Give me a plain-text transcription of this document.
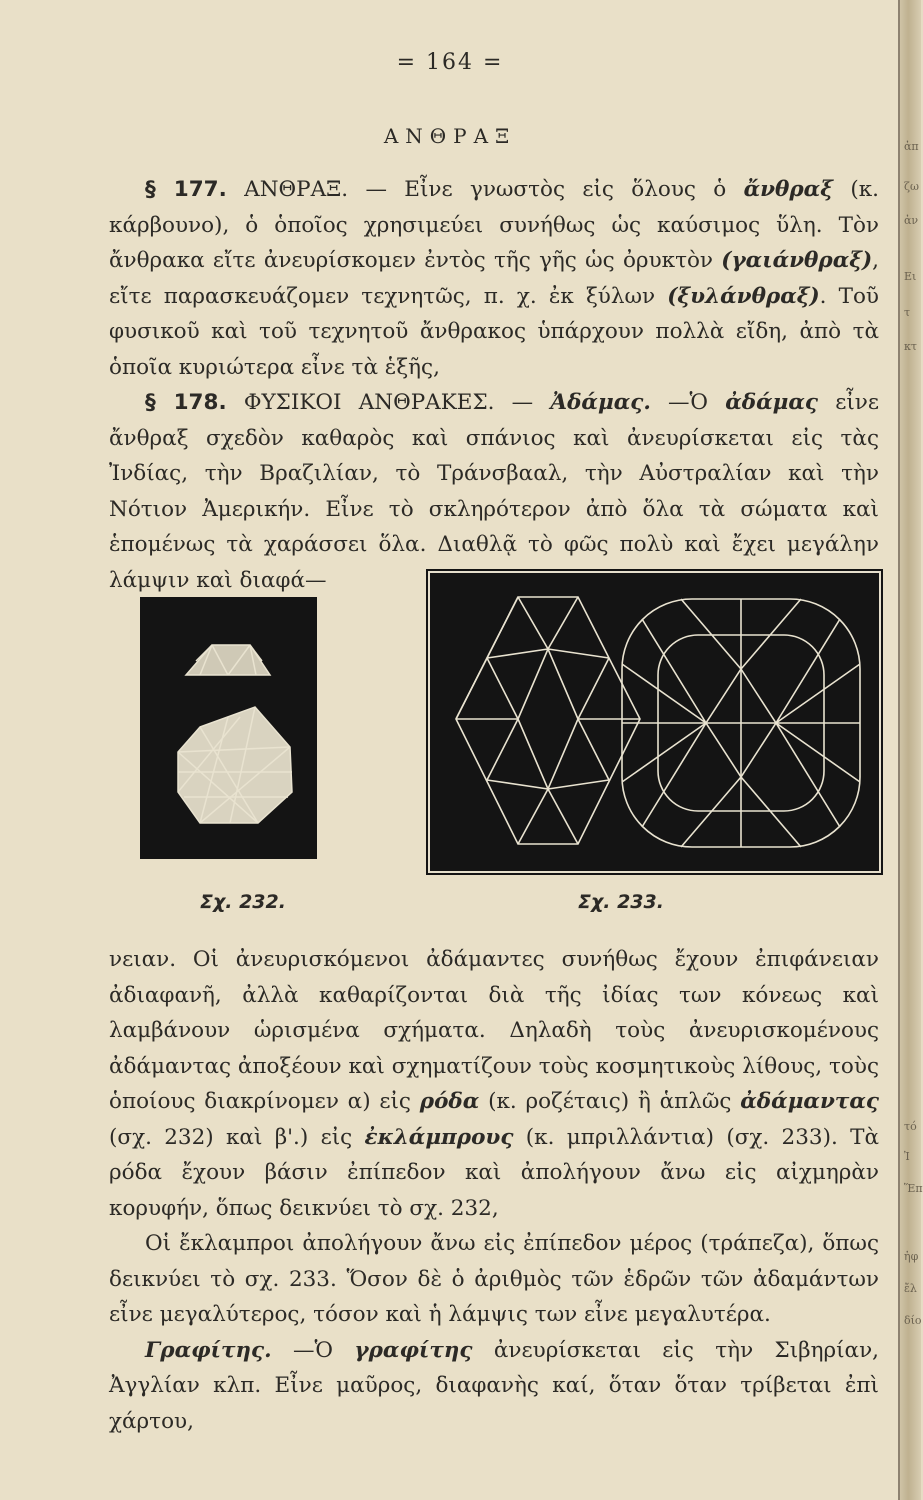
= 164 =
ΑΝΘΡΑΞ

§ 177. ΑΝΘΡΑΞ. — Εἶνε γνωστὸς εἰς ὅλους ὁ ἄνθραξ (κ. κάρβουνο), ὁ ὁποῖος χρησιμεύει συνήθως ὡς καύσιμος ὕλη. Τὸν ἄνθρακα εἴτε ἀνευρίσκομεν ἐντὸς τῆς γῆς ὡς ὀρυκτὸν (γαιάνθραξ), εἴτε παρασκευάζομεν τεχνητῶς, π. χ. ἐκ ξύλων (ξυλάνθραξ). Τοῦ φυσικοῦ καὶ τοῦ τεχνητοῦ ἄνθρακος ὑπάρχουν πολλὰ εἴδη, ἀπὸ τὰ ὁποῖα κυριώτερα εἶνε τὰ ἑξῆς,

§ 178. ΦΥΣΙΚΟΙ ΑΝΘΡΑΚΕΣ. — Ἀδάμας. —Ὁ ἀδάμας εἶνε ἄνθραξ σχεδὸν καθαρὸς καὶ σπάνιος καὶ ἀνευρίσκεται εἰς τὰς Ἰνδίας, τὴν Βραζιλίαν, τὸ Τράνσβααλ, τὴν Αὐστραλίαν καὶ τὴν Νότιον Ἀμερικήν. Εἶνε τὸ σκληρότερον ἀπὸ ὅλα τὰ σώματα καὶ ἑπομένως τὰ χαράσσει ὅλα. Διαθλᾷ τὸ φῶς πολὺ καὶ ἔχει μεγάλην λάμψιν καὶ διαφά—

Σχ. 232.	Σχ. 233.

νειαν. Οἱ ἀνευρισκόμενοι ἀδάμαντες συνήθως ἔχουν ἐπιφάνειαν ἀδιαφανῆ, ἀλλὰ καθαρίζονται διὰ τῆς ἰδίας των κόνεως καὶ λαμβάνουν ὡρισμένα σχήματα. Δηλαδὴ τοὺς ἀνευρισκομένους ἀδάμαντας ἀποξέουν καὶ σχηματίζουν τοὺς κοσμητικοὺς λίθους, τοὺς ὁποίους διακρίνομεν α) εἰς ρόδα (κ. ροζέταις) ἢ ἁπλῶς ἀδάμαντας (σχ. 232) καὶ β'.) εἰς ἐκλάμπρους (κ. μπριλλάντια) (σχ. 233). Τὰ ρόδα ἔχουν βάσιν ἐπίπεδον καὶ ἀπολήγουν ἄνω εἰς αἰχμηρὰν κορυφήν, ὅπως δεικνύει τὸ σχ. 232,

Οἱ ἔκλαμπροι ἀπολήγουν ἄνω εἰς ἐπίπεδον μέρος (τράπεζα), ὅπως δεικνύει τὸ σχ. 233. Ὅσον δὲ ὁ ἀριθμὸς τῶν ἑδρῶν τῶν ἀδαμάντων εἶνε μεγαλύτερος, τόσον καὶ ἡ λάμψις των εἶνε μεγαλυτέρα.

Γραφίτης. —Ὁ γραφίτης ἀνευρίσκεται εἰς τὴν Σιβηρίαν, Ἀγγλίαν κλπ. Εἶνε μαῦρος, διαφανὴς καί, ὅταν ὅταν τρίβεται ἐπὶ χάρτου,

ἀπ
ζω
ἀν
Ει
τ
κτ
τό
Ἰ
Ἕπ
ἡφ
ἔλ
δίο
